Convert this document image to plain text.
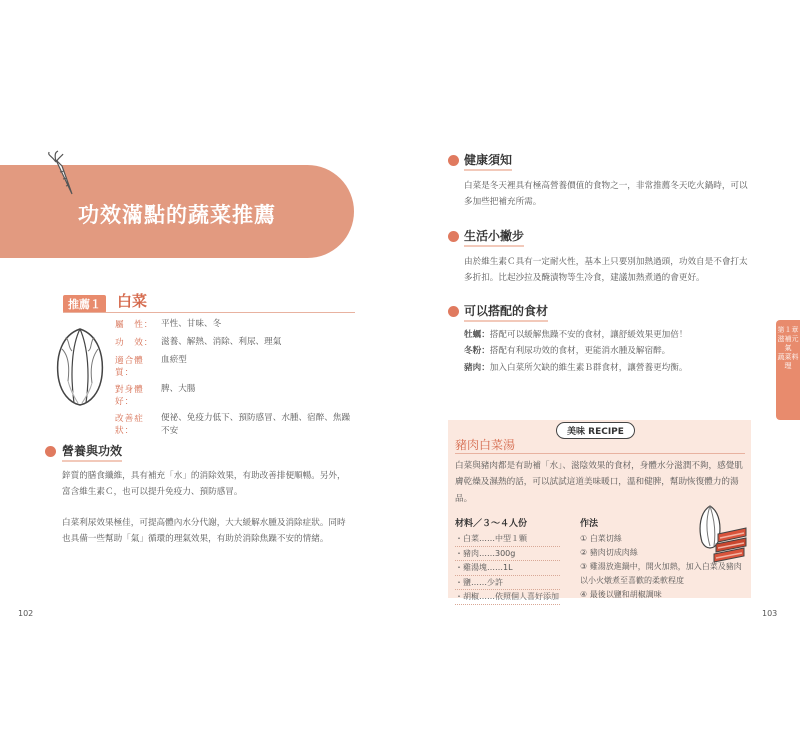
功效滿點的蔬菜推薦
推薦１	白菜
屬　性： 平性、甘味、冬
功　效： 滋養、解熱、消除、利尿、理氣
適合體質：
血瘀型
對身體好：
脾、大腸
改善症狀：
便祕、免疫力低下、預防感冒、水腫、宿醉、焦躁不安
營養與功效
鋅質的膳食纖維，具有補充「水」的消除效果，有助改善排便順暢。另外，富含維生素Ｃ，也可以提升免疫力、預防感冒。
白菜利尿效果極佳，可提高體內水分代謝，大大緩解水腫及消除症狀。同時也具備一些幫助「氣」循環的理氣效果，有助於消除焦躁不安的情緒。
102
健康須知
白菜是冬天裡具有極高營養價值的食物之一，非常推薦冬天吃火鍋時，可以多加些把補充所需。
生活小撇步
由於維生素Ｃ具有一定耐火性，基本上只要別加熱過頭，功效自是不會打太多折扣。比起沙拉及醃漬物等生冷食，建議加熱煮過的會更好。
可以搭配的食材
牡蠣：搭配可以緩解焦躁不安的食材，讓舒緩效果更加倍！
冬粉：搭配有利尿功效的食材，更能消水腫及解宿醉。
豬肉：加入白菜所欠缺的維生素Ｂ群食材，讓營養更均衡。
第１章
滋補元氣
蔬菜料理
美味 RECIPE
豬肉白菜湯
白菜與豬肉都是有助補「水」、滋陰效果的食材，身體水分滋潤不夠，感覺肌膚乾燥及濕熱的話，可以試試這道美味暖口，溫和健脾，幫助恢復體力的湯品。
材料／３～４人份
・白菜……中型１顆
・豬肉……300g
・雞湯塊……1L
・鹽……少許
・胡椒……依照個人喜好添加
作法
① 白菜切絲
② 豬肉切成肉絲
③ 雞湯放進鍋中，開火加熱，加入白菜及豬肉以小火燉煮至喜歡的柔軟程度
④ 最後以鹽和胡椒調味
103
